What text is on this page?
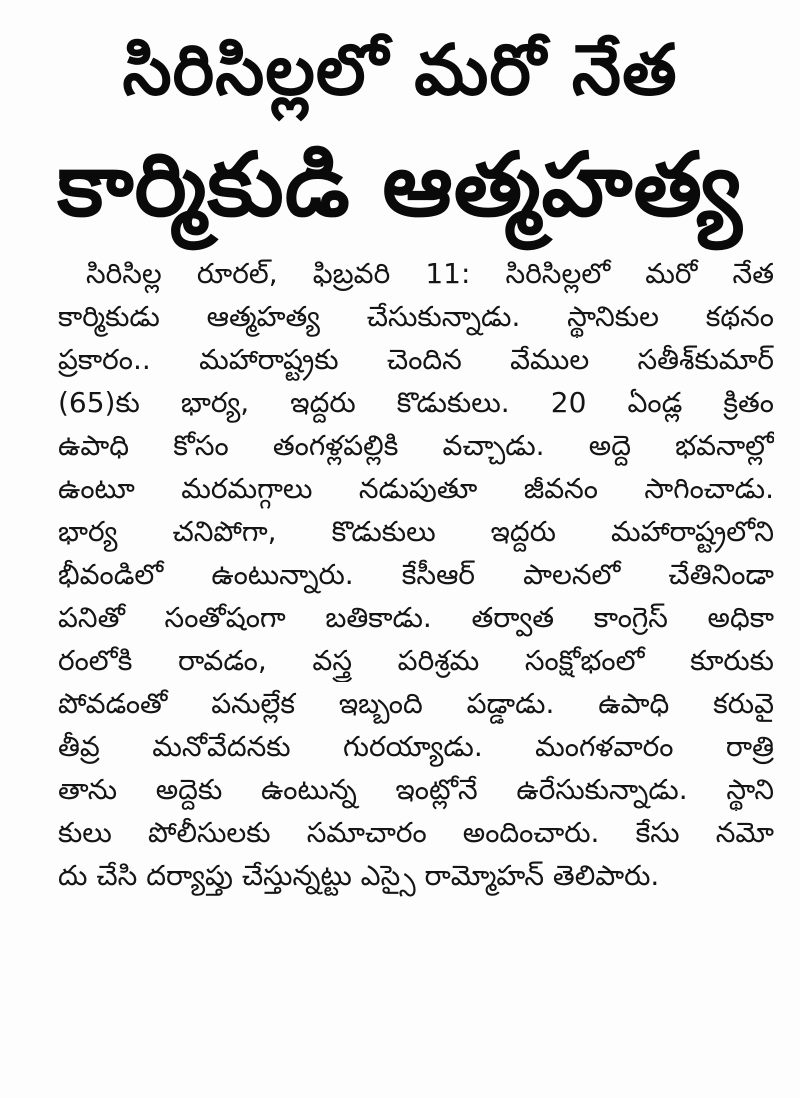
సిరిసిల్లలో మరో నేత
కార్మికుడి ఆత్మహత్య
సిరిసిల్ల రూరల్, ఫిబ్రవరి 11: సిరిసిల్లలో మరో నేత
కార్మికుడు ఆత్మహత్య చేసుకున్నాడు. స్థానికుల కథనం
ప్రకారం.. మహారాష్ట్రకు చెందిన వేముల సతీశ్‌కుమార్
(65)కు భార్య, ఇద్దరు కొడుకులు. 20 ఏండ్ల క్రితం
ఉపాధి కోసం తంగళ్లపల్లికి వచ్చాడు. అద్దె భవనాల్లో
ఉంటూ మరమగ్గాలు నడుపుతూ జీవనం సాగించాడు.
భార్య చనిపోగా, కొడుకులు ఇద్దరు మహారాష్ట్రలోని
భీవండిలో ఉంటున్నారు. కేసీఆర్ పాలనలో చేతినిండా
పనితో సంతోషంగా బతికాడు. తర్వాత కాంగ్రెస్ అధికా
రంలోకి రావడం, వస్త్ర పరిశ్రమ సంక్షోభంలో కూరుకు
పోవడంతో పనుల్లేక ఇబ్బంది పడ్డాడు. ఉపాధి కరువై
తీవ్ర మనోవేదనకు గురయ్యాడు. మంగళవారం రాత్రి
తాను అద్దెకు ఉంటున్న ఇంట్లోనే ఉరేసుకున్నాడు. స్థాని
కులు పోలీసులకు సమాచారం అందించారు. కేసు నమో
దు చేసి దర్యాప్తు చేస్తున్నట్టు ఎస్సై రామ్మోహన్ తెలిపారు.
